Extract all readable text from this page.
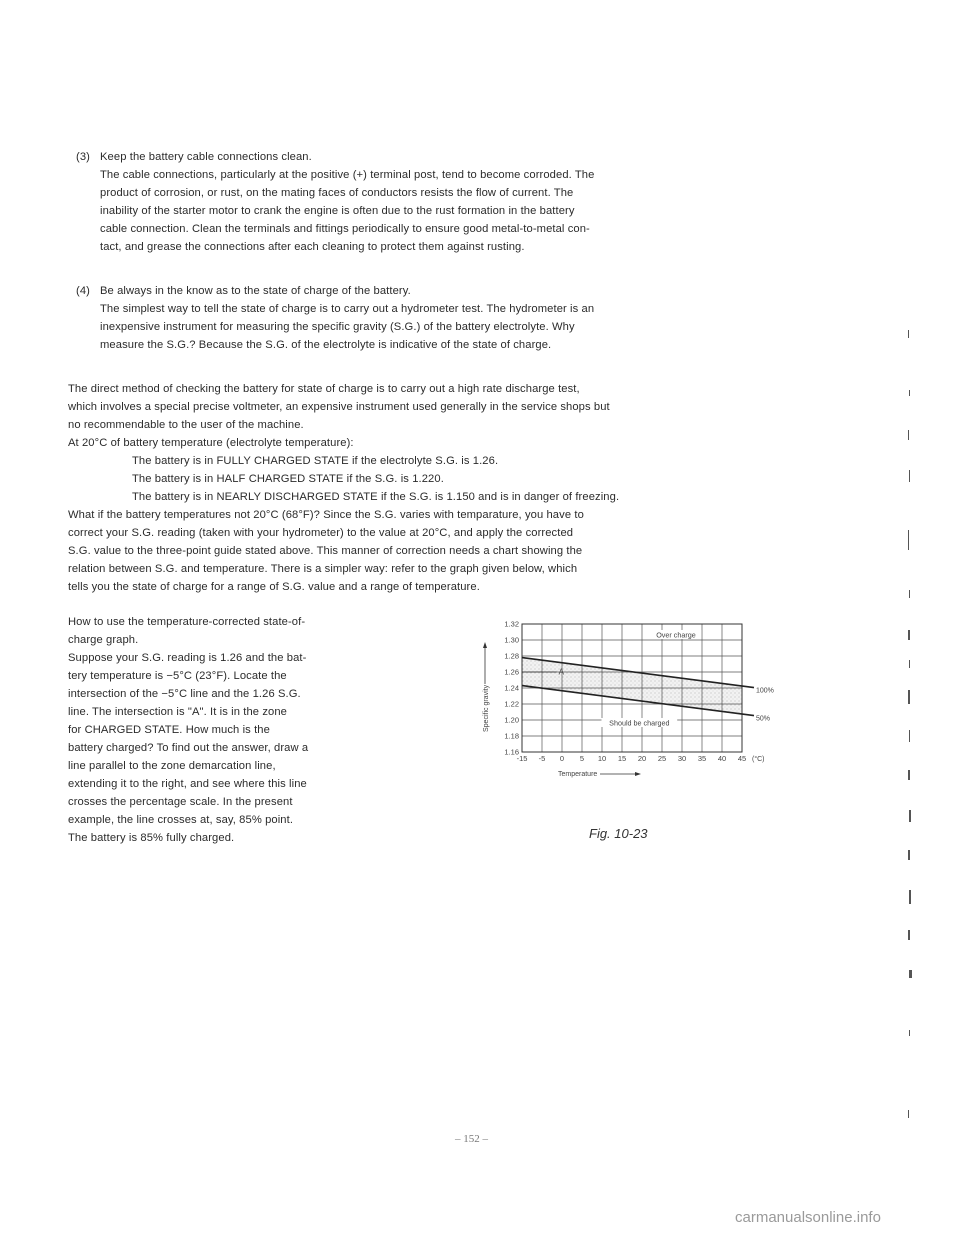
(3) Keep the battery cable connections clean.

The cable connections, particularly at the positive (+) terminal post, tend to become corroded. The

product of corrosion, or rust, on the mating faces of conductors resists the flow of current. The

inability of the starter motor to crank the engine is often due to the rust formation in the battery

cable connection. Clean the terminals and fittings periodically to ensure good metal-to-metal con-

tact, and grease the connections after each cleaning to protect them against rusting.

(4) Be always in the know as to the state of charge of the battery.

The simplest way to tell the state of charge is to carry out a hydrometer test. The hydrometer is an

inexpensive instrument for measuring the specific gravity (S.G.) of the battery electrolyte. Why

measure the S.G.? Because the S.G. of the electrolyte is indicative of the state of charge.

The direct method of checking the battery for state of charge is to carry out a high rate discharge test,

which involves a special precise voltmeter, an expensive instrument used generally in the service shops but

no recommendable to the user of the machine.

At 20°C of battery temperature (electrolyte temperature):

The battery is in FULLY CHARGED STATE if the electrolyte S.G. is 1.26.

The battery is in HALF CHARGED STATE if the S.G. is 1.220.

The battery is in NEARLY DISCHARGED STATE if the S.G. is 1.150 and is in danger of freezing.

What if the battery temperatures not 20°C (68°F)? Since the S.G. varies with temparature, you have to

correct your S.G. reading (taken with your hydrometer) to the value at 20°C, and apply the corrected

S.G. value to the three-point guide stated above. This manner of correction needs a chart showing the

relation between S.G. and temperature. There is a simpler way: refer to the graph given below, which

tells you the state of charge for a range of S.G. value and a range of temperature.

How to use the temperature-corrected state-of-

charge graph.

Suppose your S.G. reading is 1.26 and the bat-

tery temperature is −5°C (23°F). Locate the

intersection of the −5°C line and the 1.26 S.G.

line. The intersection is "A". It is in the zone

for CHARGED STATE. How much is the

battery charged? To find out the answer, draw a

line parallel to the zone demarcation line,

extending it to the right, and see where this line

crosses the percentage scale. In the present

example, the line crosses at, say, 85% point.

The battery is 85% fully charged.

100%
50%
1.32
1.30
1.28
1.26
1.24
1.22
1.20
1.18
1.16
-15 -5 0 5 10 15 20 25 30 35 40 45 (°C)
Temperature
Specific gravity
Over charge
Should be charged
A
Fig. 10-23
– 152 –
carmanualsonline.info
